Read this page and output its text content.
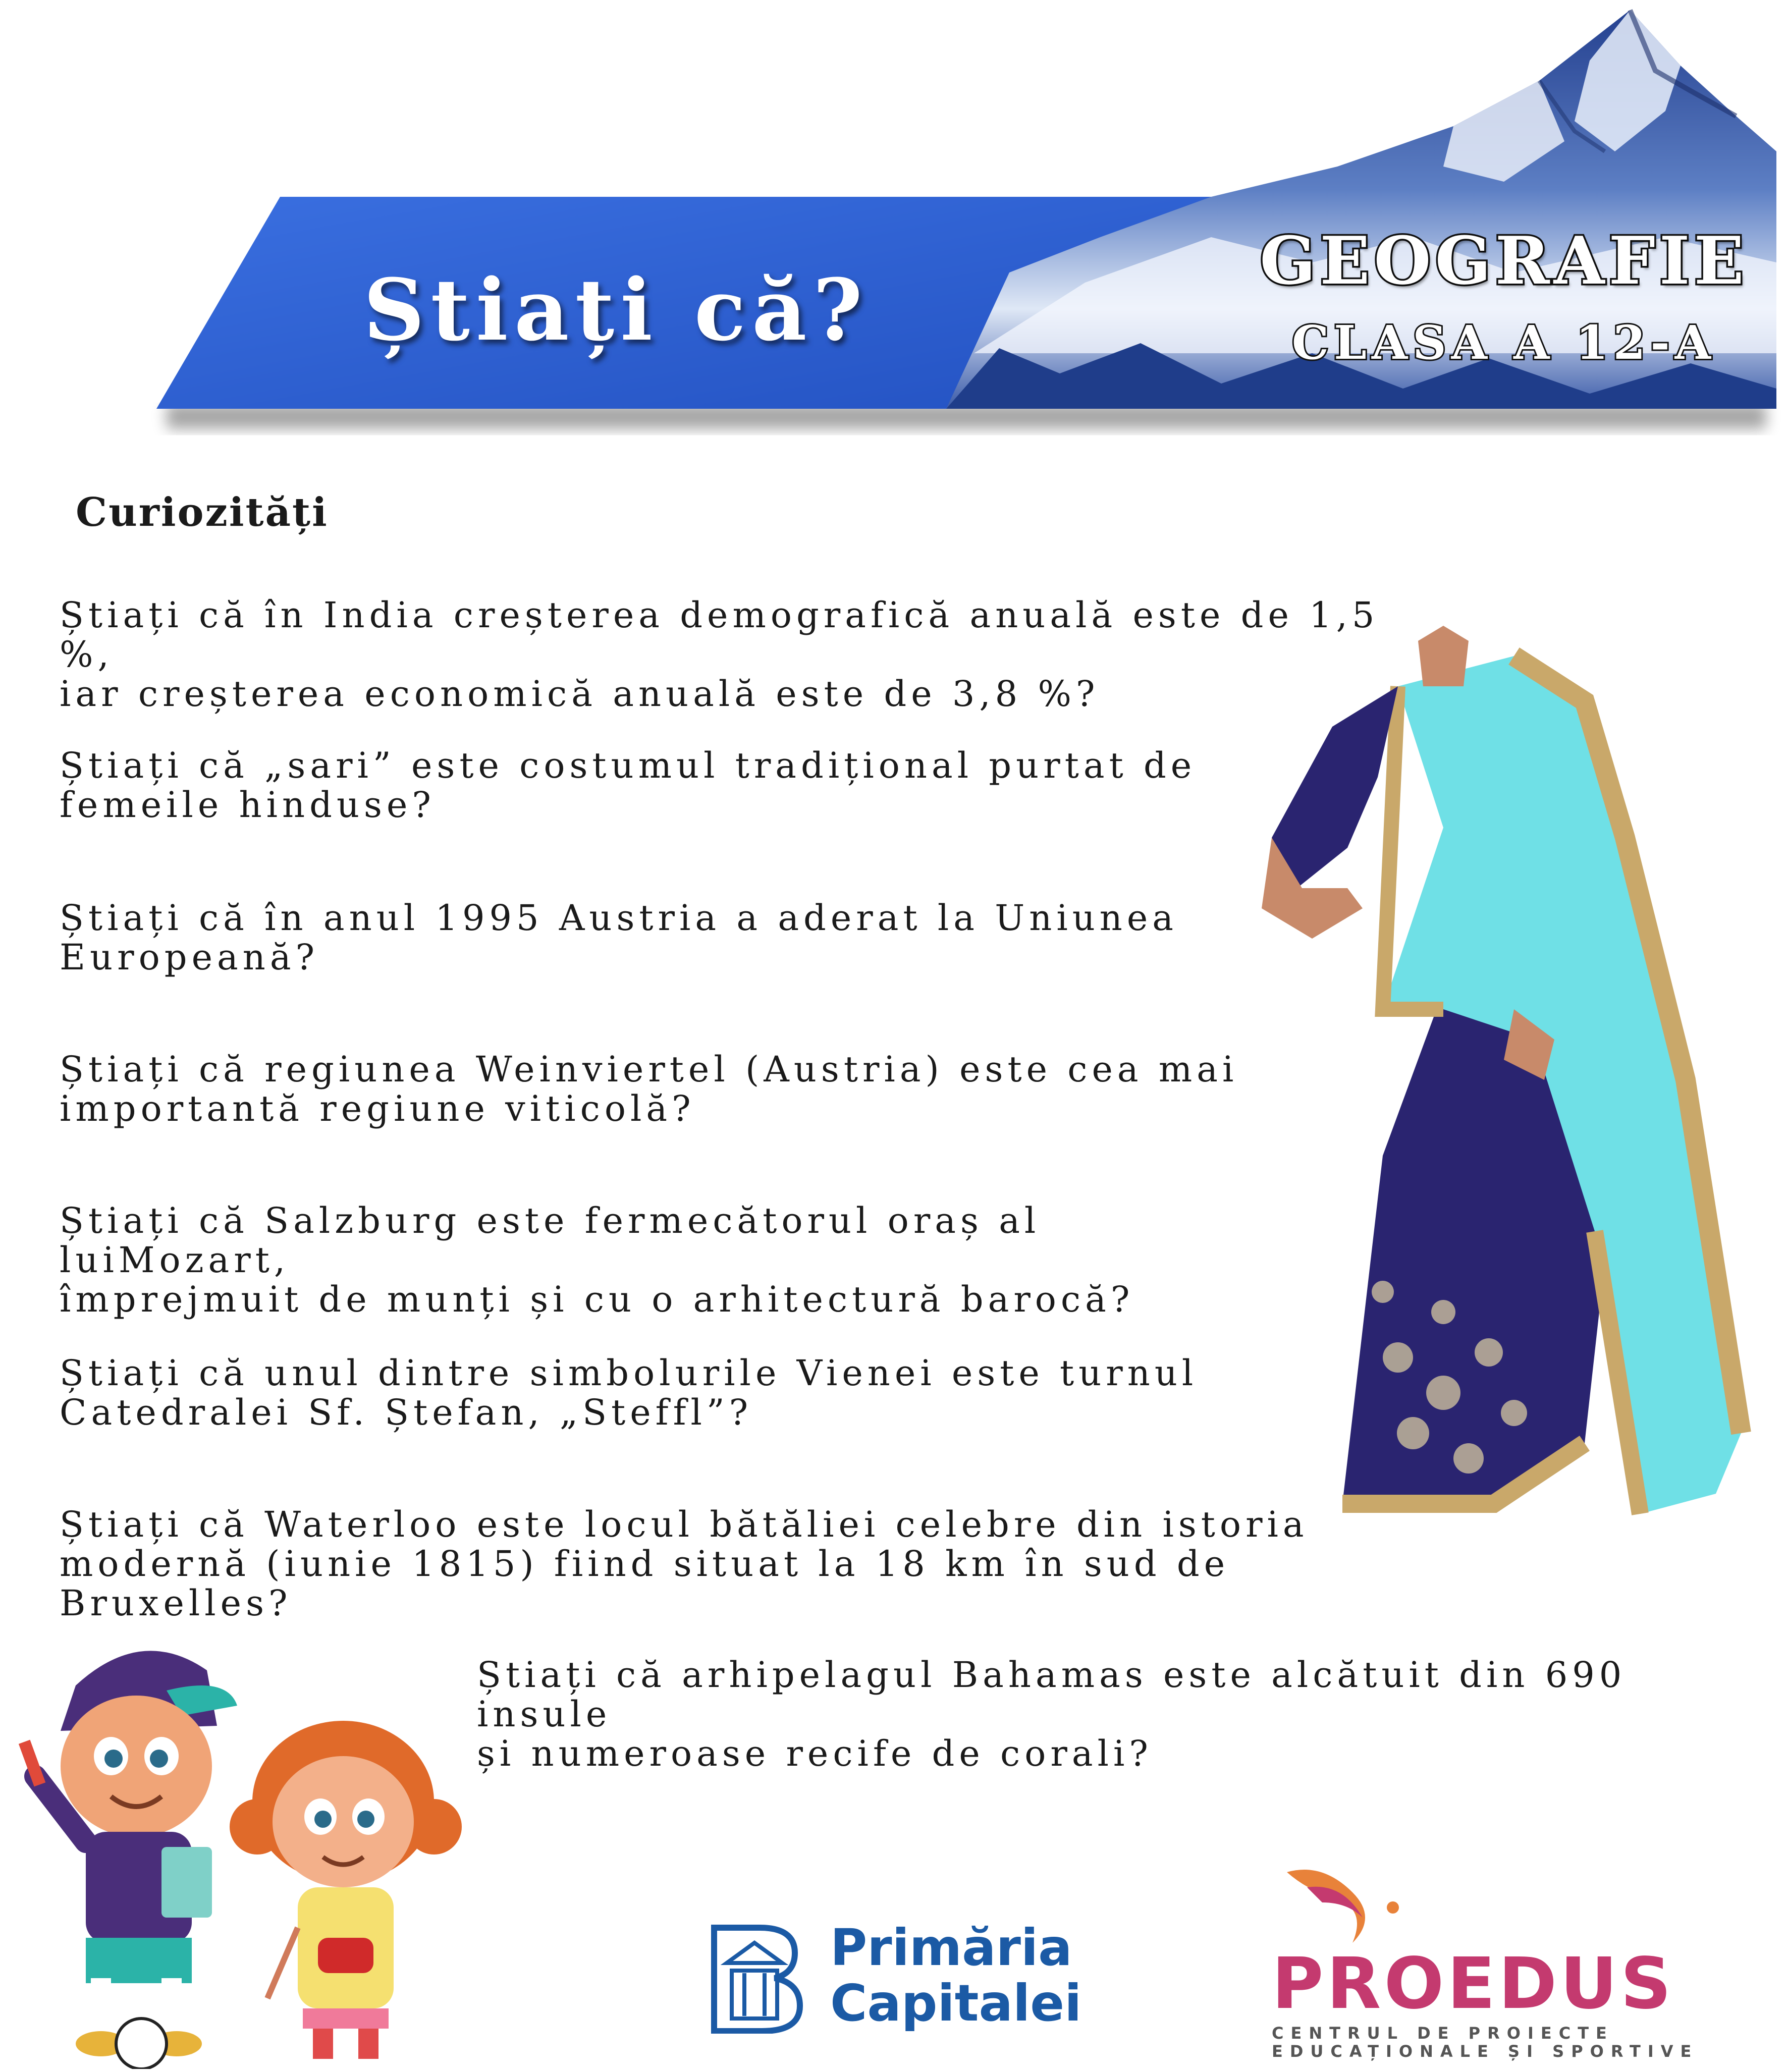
Știați că?	GEOGRAFIE
CLASA A 12-A
Curiozități
Știați că în India creșterea demografică anuală este de 1,5 %,
iar creșterea economică anuală este de 3,8 %?
Știați că „sari” este costumul tradițional purtat de
femeile hinduse?
Știați că în anul 1995 Austria a aderat la Uniunea
Europeană?
Știați că regiunea Weinviertel (Austria) este cea mai
importantă regiune viticolă?
Știați că Salzburg este fermecătorul oraș al luiMozart,
împrejmuit de munți și cu o arhitectură barocă?
Știați că unul dintre simbolurile Vienei este turnul
Catedralei Sf. Ștefan, „Steffl”?
Știați că Waterloo este locul bătăliei celebre din istoria
modernă (iunie 1815) fiind situat la 18 km în sud de Bruxelles?
Știați că arhipelagul Bahamas este alcătuit din 690 insule
și numeroase recife de corali?
Primăria
Capitalei	PROEDUS
CENTRUL DE PROIECTE
EDUCAȚIONALE ȘI SPORTIVE
